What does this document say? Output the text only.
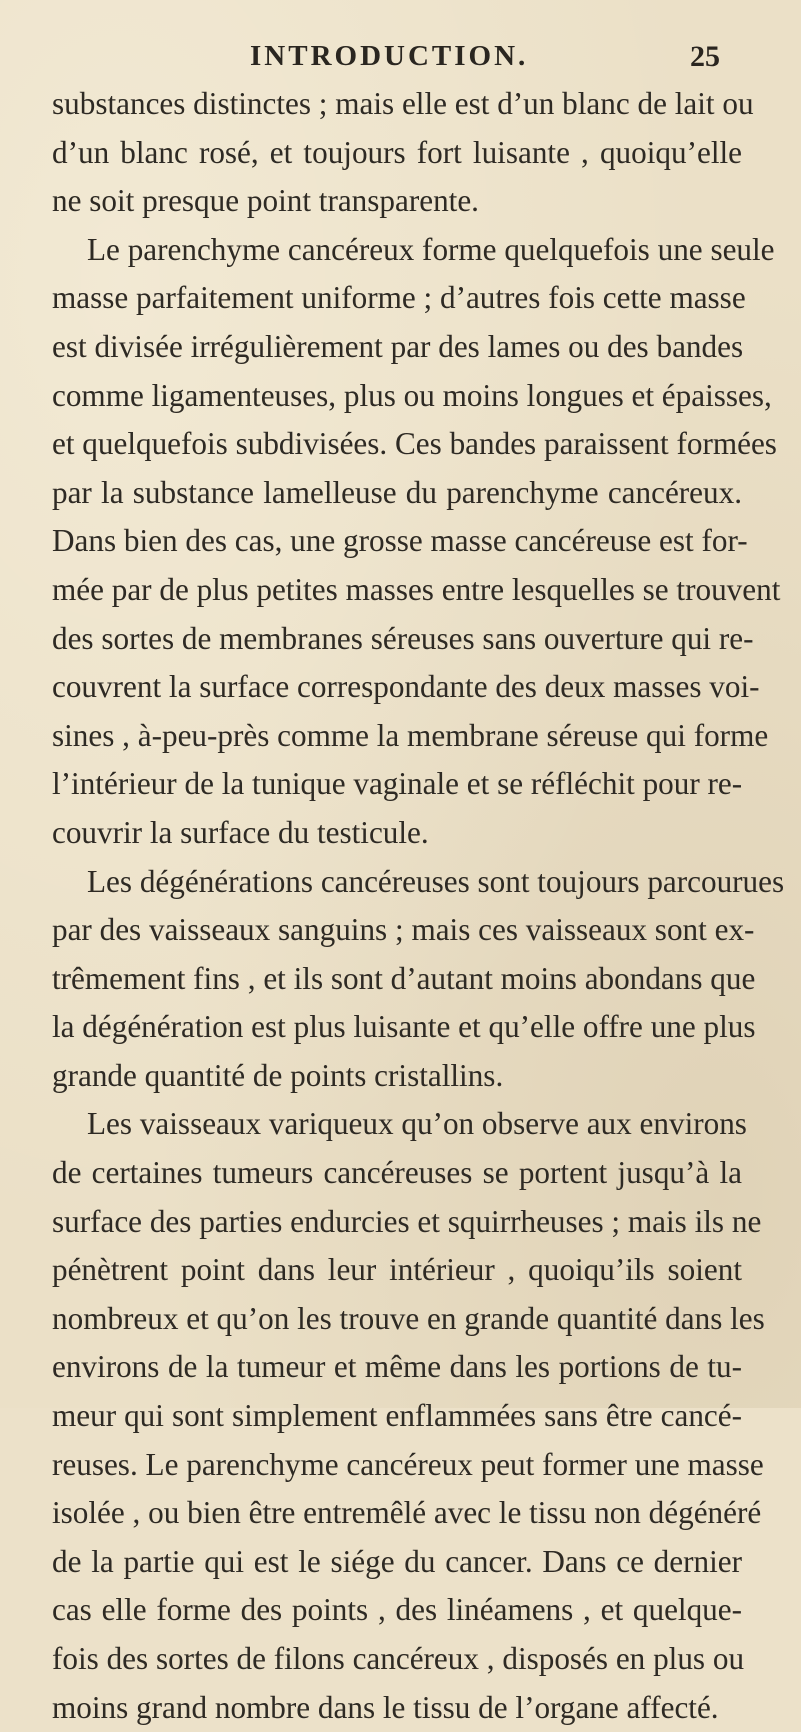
INTRODUCTION.	25
substances distinctes ; mais elle est d’un blanc de lait ou
d’un blanc rosé, et toujours fort luisante , quoiqu’elle
ne soit presque point transparente.
Le parenchyme cancéreux forme quelquefois une seule
masse parfaitement uniforme ; d’autres fois cette masse
est divisée irrégulièrement par des lames ou des bandes
comme ligamenteuses, plus ou moins longues et épaisses,
et quelquefois subdivisées. Ces bandes paraissent formées
par la substance lamelleuse du parenchyme cancéreux.
Dans bien des cas, une grosse masse cancéreuse est for-
mée par de plus petites masses entre lesquelles se trouvent
des sortes de membranes séreuses sans ouverture qui re-
couvrent la surface correspondante des deux masses voi-
sines , à-peu-près comme la membrane séreuse qui forme
l’intérieur de la tunique vaginale et se réfléchit pour re-
couvrir la surface du testicule.
Les dégénérations cancéreuses sont toujours parcourues
par des vaisseaux sanguins ; mais ces vaisseaux sont ex-
trêmement fins , et ils sont d’autant moins abondans que
la dégénération est plus luisante et qu’elle offre une plus
grande quantité de points cristallins.
Les vaisseaux variqueux qu’on observe aux environs
de certaines tumeurs cancéreuses se portent jusqu’à la
surface des parties endurcies et squirrheuses ; mais ils ne
pénètrent point dans leur intérieur , quoiqu’ils soient
nombreux et qu’on les trouve en grande quantité dans les
environs de la tumeur et même dans les portions de tu-
meur qui sont simplement enflammées sans être cancé-
reuses. Le parenchyme cancéreux peut former une masse
isolée , ou bien être entremêlé avec le tissu non dégénéré
de la partie qui est le siége du cancer. Dans ce dernier
cas elle forme des points , des linéamens , et quelque-
fois des sortes de filons cancéreux , disposés en plus ou
moins grand nombre dans le tissu de l’organe affecté.
